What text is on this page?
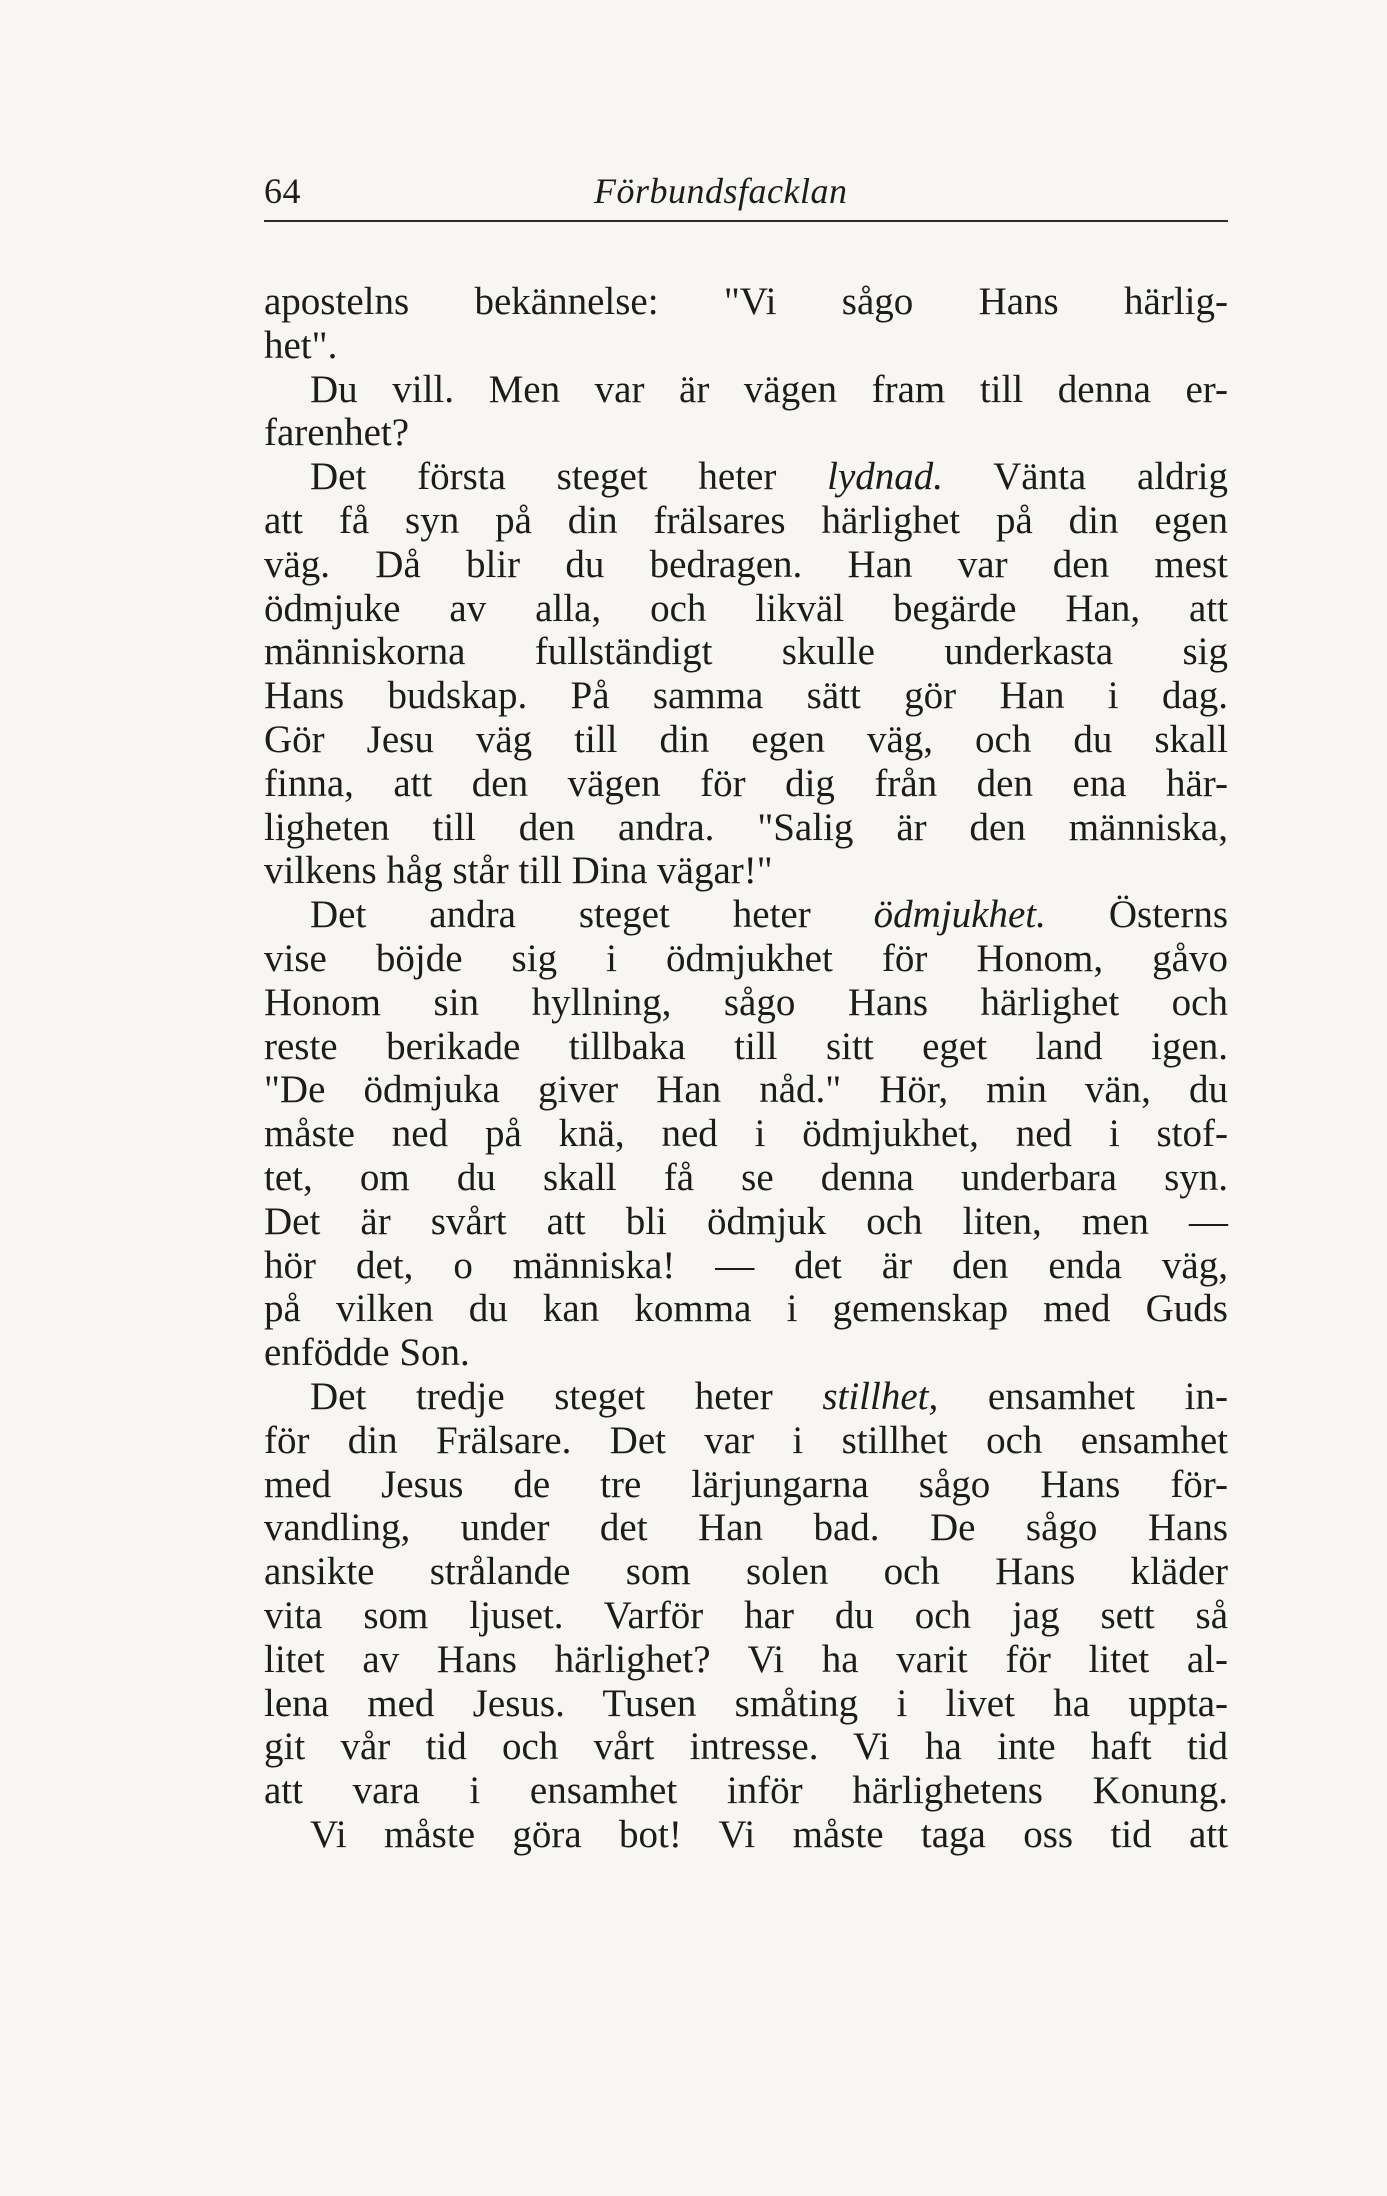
64	Förbundsfacklan
apostelns bekännelse: "Vi sågo Hans härlig-
het".
Du vill. Men var är vägen fram till denna er-
farenhet?
Det första steget heter lydnad. Vänta aldrig
att få syn på din frälsares härlighet på din egen
väg. Då blir du bedragen. Han var den mest
ödmjuke av alla, och likväl begärde Han, att
människorna fullständigt skulle underkasta sig
Hans budskap. På samma sätt gör Han i dag.
Gör Jesu väg till din egen väg, och du skall
finna, att den vägen för dig från den ena här-
ligheten till den andra. "Salig är den människa,
vilkens håg står till Dina vägar!"
Det andra steget heter ödmjukhet. Österns
vise böjde sig i ödmjukhet för Honom, gåvo
Honom sin hyllning, sågo Hans härlighet och
reste berikade tillbaka till sitt eget land igen.
"De ödmjuka giver Han nåd." Hör, min vän, du
måste ned på knä, ned i ödmjukhet, ned i stof-
tet, om du skall få se denna underbara syn.
Det är svårt att bli ödmjuk och liten, men —
hör det, o människa! — det är den enda väg,
på vilken du kan komma i gemenskap med Guds
enfödde Son.
Det tredje steget heter stillhet, ensamhet in-
för din Frälsare. Det var i stillhet och ensamhet
med Jesus de tre lärjungarna sågo Hans för-
vandling, under det Han bad. De sågo Hans
ansikte strålande som solen och Hans kläder
vita som ljuset. Varför har du och jag sett så
litet av Hans härlighet? Vi ha varit för litet al-
lena med Jesus. Tusen småting i livet ha uppta-
git vår tid och vårt intresse. Vi ha inte haft tid
att vara i ensamhet inför härlighetens Konung.
Vi måste göra bot! Vi måste taga oss tid att
